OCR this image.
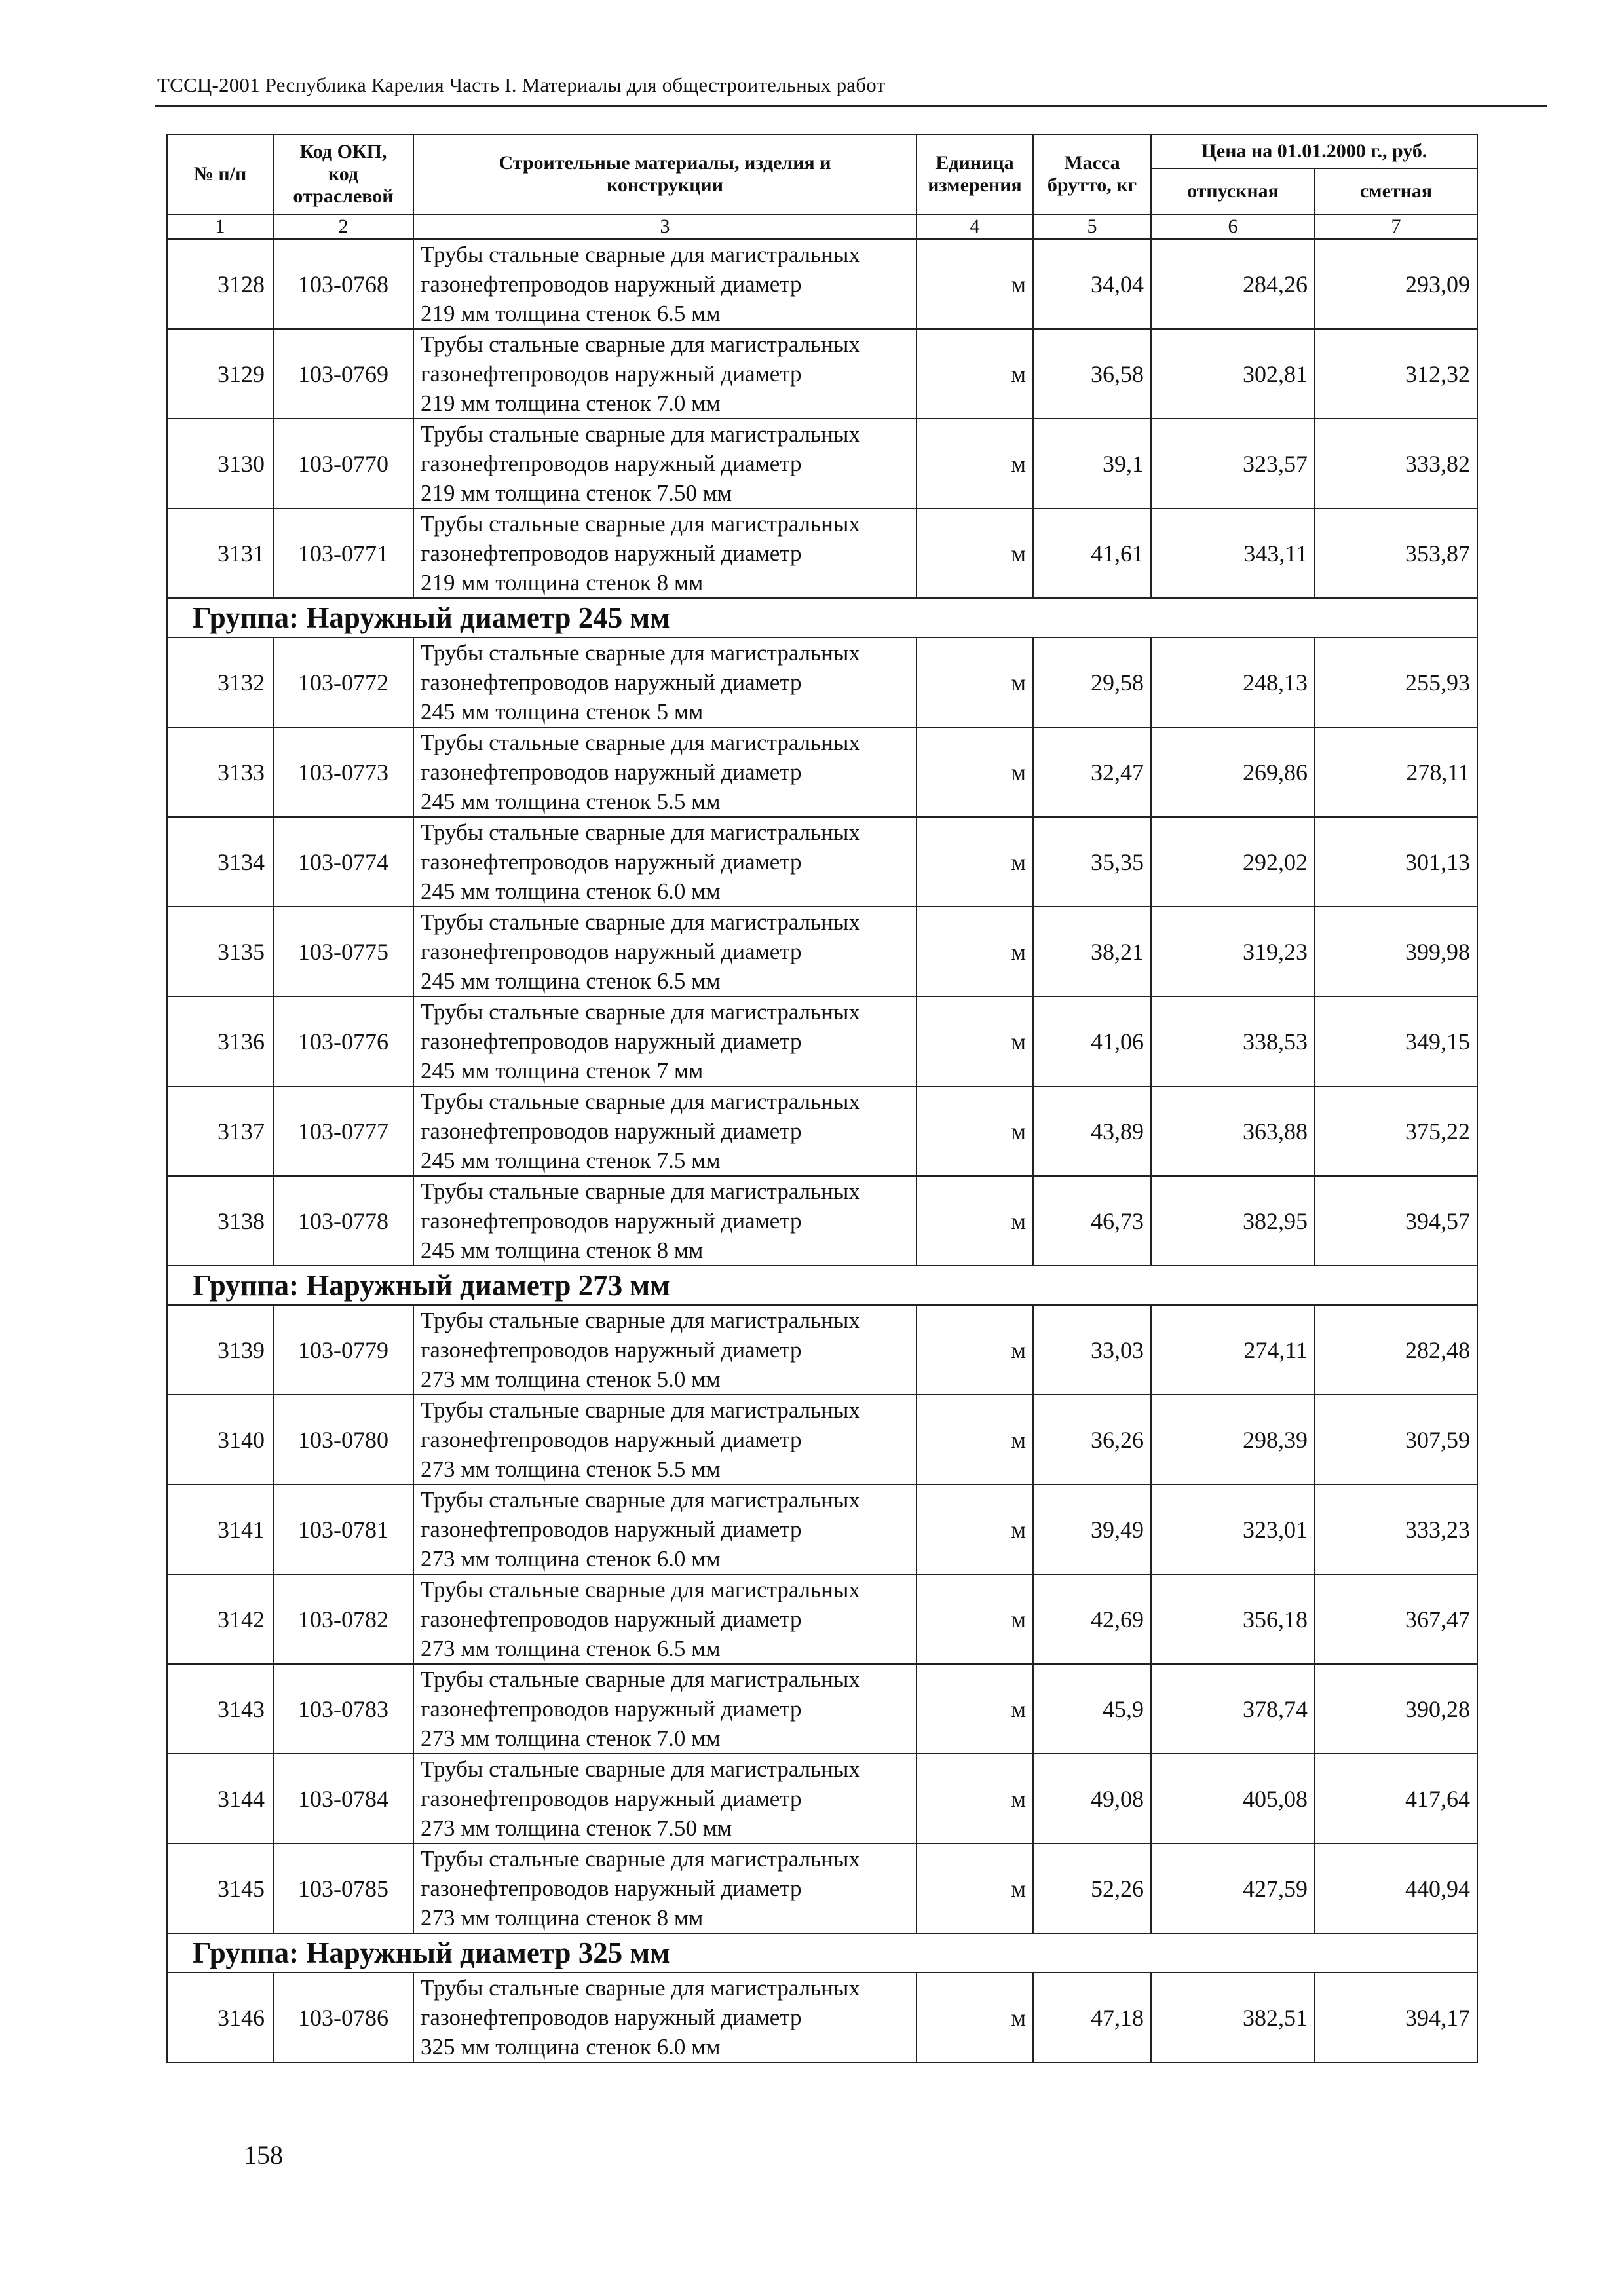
ТССЦ-2001 Республика Карелия Часть I. Материалы для общестроительных работ
№ п/п	Код ОКП,
код
отраслевой	Строительные материалы, изделия и конструкции	Единица
измерения	Масса
брутто, кг	Цена на 01.01.2000 г., руб.	
					отпускная	сметная
1	2	3	4	5	6	7
3128	103-0768	Трубы стальные сварные для магистральных
газонефтепроводов наружный диаметр
219 мм толщина стенок 6.5 мм	м	34,04	284,26	293,09
3129	103-0769	Трубы стальные сварные для магистральных
газонефтепроводов наружный диаметр
219 мм толщина стенок 7.0 мм	м	36,58	302,81	312,32
3130	103-0770	Трубы стальные сварные для магистральных
газонефтепроводов наружный диаметр
219 мм толщина стенок 7.50 мм	м	39,1	323,57	333,82
3131	103-0771	Трубы стальные сварные для магистральных
газонефтепроводов наружный диаметр
219 мм толщина стенок 8 мм	м	41,61	343,11	353,87
Группа: Наружный диаметр 245 мм						
3132	103-0772	Трубы стальные сварные для магистральных
газонефтепроводов наружный диаметр
245 мм толщина стенок 5 мм	м	29,58	248,13	255,93
3133	103-0773	Трубы стальные сварные для магистральных
газонефтепроводов наружный диаметр
245 мм толщина стенок 5.5 мм	м	32,47	269,86	278,11
3134	103-0774	Трубы стальные сварные для магистральных
газонефтепроводов наружный диаметр
245 мм толщина стенок 6.0 мм	м	35,35	292,02	301,13
3135	103-0775	Трубы стальные сварные для магистральных
газонефтепроводов наружный диаметр
245 мм толщина стенок 6.5 мм	м	38,21	319,23	399,98
3136	103-0776	Трубы стальные сварные для магистральных
газонефтепроводов наружный диаметр
245 мм толщина стенок 7 мм	м	41,06	338,53	349,15
3137	103-0777	Трубы стальные сварные для магистральных
газонефтепроводов наружный диаметр
245 мм толщина стенок 7.5 мм	м	43,89	363,88	375,22
3138	103-0778	Трубы стальные сварные для магистральных
газонефтепроводов наружный диаметр
245 мм толщина стенок 8 мм	м	46,73	382,95	394,57
Группа: Наружный диаметр 273 мм						
3139	103-0779	Трубы стальные сварные для магистральных
газонефтепроводов наружный диаметр
273 мм толщина стенок 5.0 мм	м	33,03	274,11	282,48
3140	103-0780	Трубы стальные сварные для магистральных
газонефтепроводов наружный диаметр
273 мм толщина стенок 5.5 мм	м	36,26	298,39	307,59
3141	103-0781	Трубы стальные сварные для магистральных
газонефтепроводов наружный диаметр
273 мм толщина стенок 6.0 мм	м	39,49	323,01	333,23
3142	103-0782	Трубы стальные сварные для магистральных
газонефтепроводов наружный диаметр
273 мм толщина стенок 6.5 мм	м	42,69	356,18	367,47
3143	103-0783	Трубы стальные сварные для магистральных
газонефтепроводов наружный диаметр
273 мм толщина стенок 7.0 мм	м	45,9	378,74	390,28
3144	103-0784	Трубы стальные сварные для магистральных
газонефтепроводов наружный диаметр
273 мм толщина стенок 7.50 мм	м	49,08	405,08	417,64
3145	103-0785	Трубы стальные сварные для магистральных
газонефтепроводов наружный диаметр
273 мм толщина стенок 8 мм	м	52,26	427,59	440,94
Группа: Наружный диаметр 325 мм						
3146	103-0786	Трубы стальные сварные для магистральных
газонефтепроводов наружный диаметр
325 мм толщина стенок 6.0 мм	м	47,18	382,51	394,17
158
